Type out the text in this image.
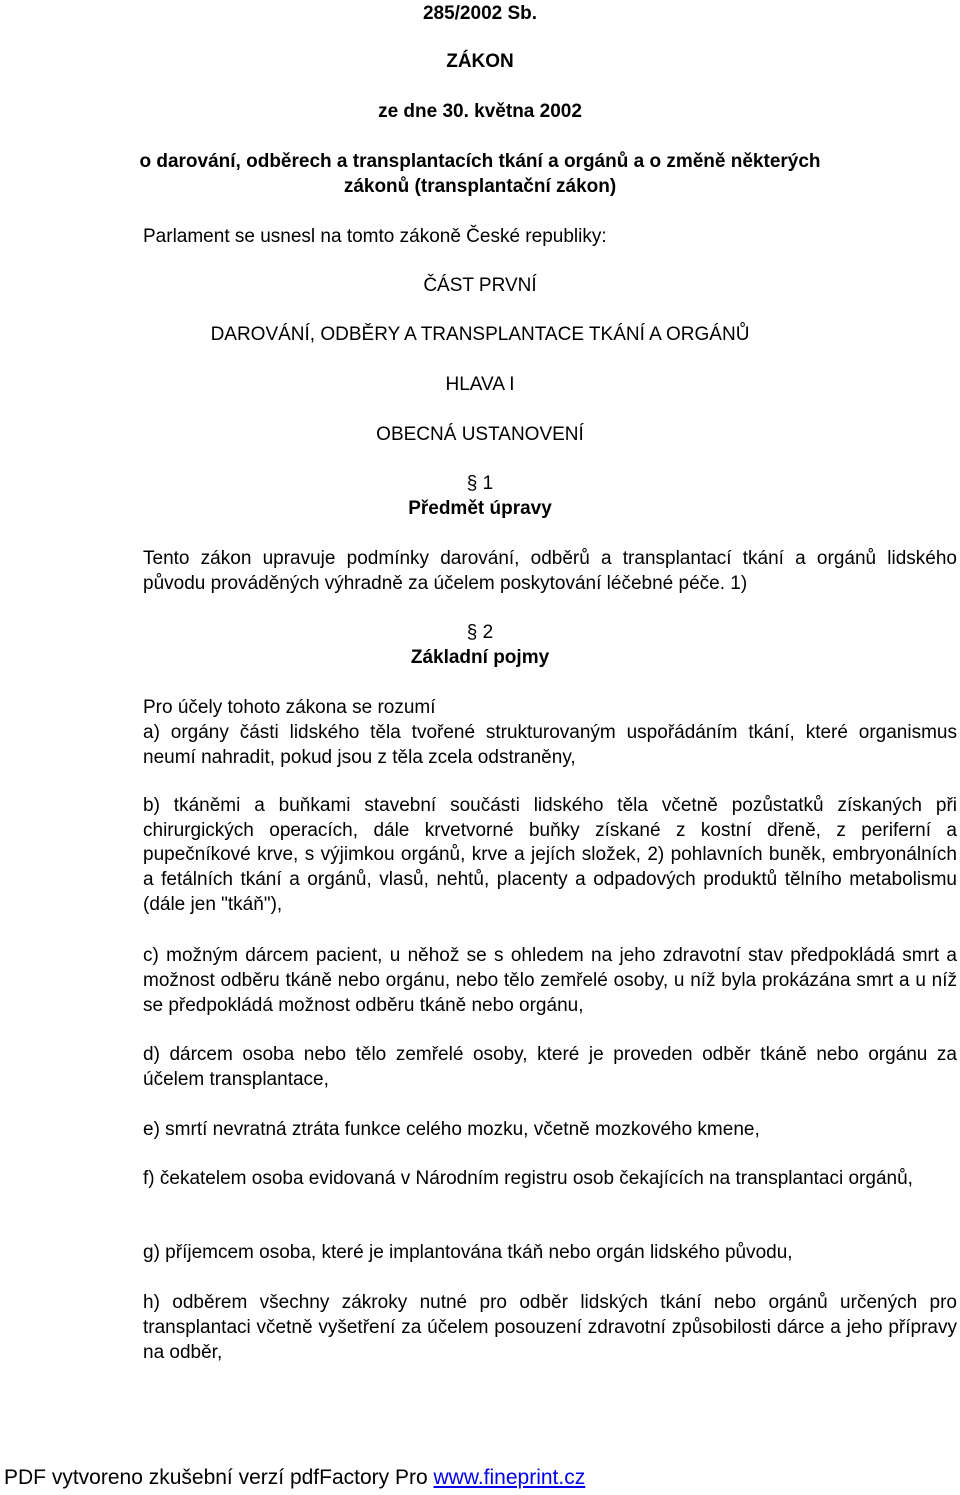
285/2002 Sb.
ZÁKON
ze dne 30. května 2002
o darování, odběrech a transplantacích tkání a orgánů a o změně některých
zákonů (transplantační zákon)
Parlament se usnesl na tomto zákoně České republiky:
ČÁST PRVNÍ
DAROVÁNÍ, ODBĚRY A TRANSPLANTACE TKÁNÍ A ORGÁNŮ
HLAVA I
OBECNÁ USTANOVENÍ
§ 1
Předmět úpravy

Tento zákon upravuje podmínky darování, odběrů a transplantací tkání a orgánů lidského původu prováděných výhradně za účelem poskytování léčebné péče. 1)

§ 2
Základní pojmy
Pro účely tohoto zákona se rozumí

a) orgány části lidského těla tvořené strukturovaným uspořádáním tkání, které organismus neumí nahradit, pokud jsou z těla zcela odstraněny,

b) tkáněmi a buňkami stavební součásti lidského těla včetně pozůstatků získaných při chirurgických operacích, dále krvetvorné buňky získané z kostní dřeně, z periferní a pupečníkové krve, s výjimkou orgánů, krve a jejích složek, 2) pohlavních buněk, embryonálních a fetálních tkání a orgánů, vlasů, nehtů, placenty a odpadových produktů tělního metabolismu (dále jen "tkáň"),

c) možným dárcem pacient, u něhož se s ohledem na jeho zdravotní stav předpokládá smrt a možnost odběru tkáně nebo orgánu, nebo tělo zemřelé osoby, u níž byla prokázána smrt a u níž se předpokládá možnost odběru tkáně nebo orgánu,

d) dárcem osoba nebo tělo zemřelé osoby, které je proveden odběr tkáně nebo orgánu za účelem transplantace,

e) smrtí nevratná ztráta funkce celého mozku, včetně mozkového kmene,

f) čekatelem osoba evidovaná v Národním registru osob čekajících na transplantaci orgánů,

g) příjemcem osoba, které je implantována tkáň nebo orgán lidského původu,

h) odběrem všechny zákroky nutné pro odběr lidských tkání nebo orgánů určených pro transplantaci včetně vyšetření za účelem posouzení zdravotní způsobilosti dárce a jeho přípravy na odběr,

PDF vytvoreno zkušební verzí pdfFactory Pro www.fineprint.cz
